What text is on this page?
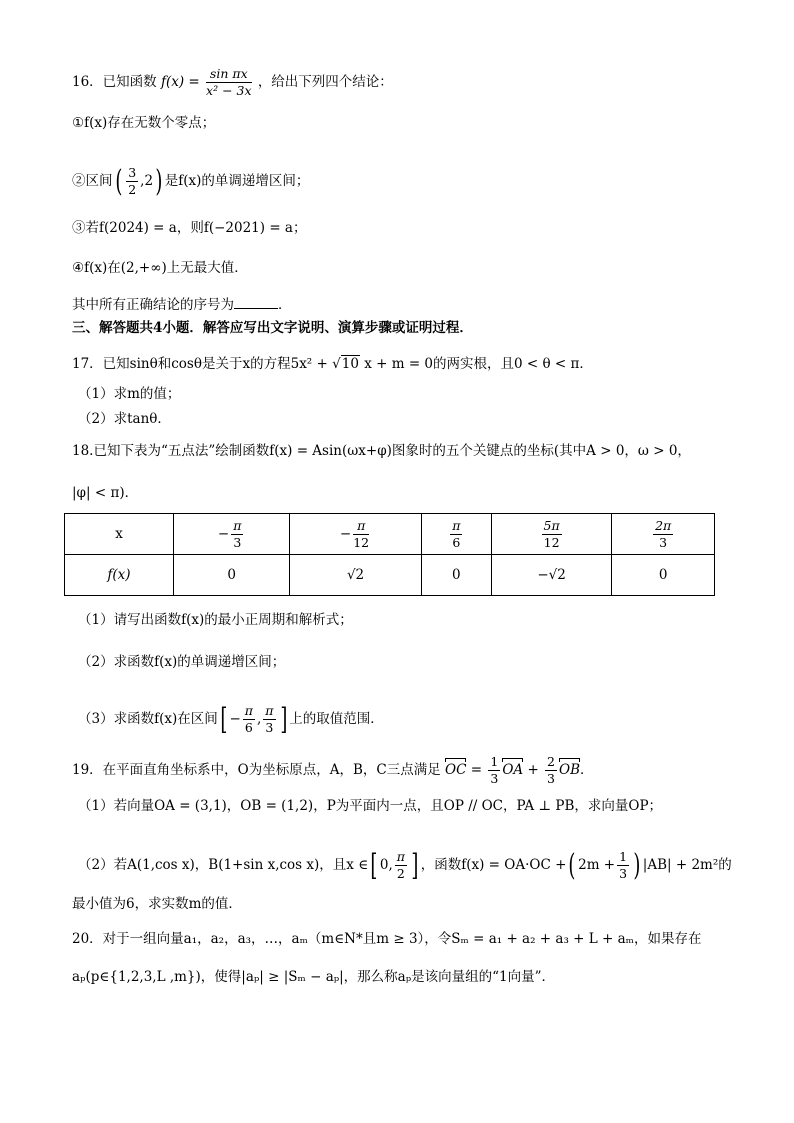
16．已知函数 $f(x) = \frac{\text{sin πx}}{\text{x² − 3x}}$ ，给出下列四个结论：
①f(x)存在无数个零点；
②区间( $\frac{3}{2} ,2$) 是f(x)的单调递增区间；
③若f(2024) = a，则f(−2021) = a；
④f(x)在(2,+∞)上无最大值．
其中所有正确结论的序号为	．
三、解答题共4小题．解答应写出文字说明、演算步骤或证明过程．
17．已知sinθ和cosθ是关于x的方程5x² + √10 x + m = 0的两实根，且0 < θ < π．
（1）求m的值；
（2）求tanθ．
18.已知下表为“五点法”绘制函数f(x) = Asin(ωx+φ)图象时的五个关键点的坐标(其中A > 0，ω > 0，
|φ| < π)．
x	− $\frac{\pi}{3}$	− $\frac{\pi}{12}$	$\frac{\pi}{6}$	$\frac{5\pi}{12}$	$\frac{2\pi}{3}$

f(x)	0	√2	0	−√2	0
（1）请写出函数f(x)的最小正周期和解析式；
（2）求函数f(x)的单调递增区间；
（3）求函数f(x)在区间[ − $\frac{\pi}{6}$ , $\frac{\pi}{3}$ ] 上的取值范围．
19．在平面直角坐标系中，O为坐标原点，A，B，C三点满足 OC = $\frac{1}{3}$ OA + $\frac{2}{3}$ OB．
（1）若向量OA = (3,1)，OB = (1,2)，P为平面内一点，且OP // OC，PA ⊥ PB，求向量OP；
（2）若A(1,cos x)，B(1+sin x,cos x)，且x ∈[ 0, $\frac{\pi}{2}$ ] ，函数f(x) = OA·OC +( $2m + \frac{1}{3}$ ) |AB| + 2m²的
最小值为6，求实数m的值．
20．对于一组向量a₁，a₂，a₃，…，aₘ（m∈N*且m ≥ 3），令Sₘ = a₁ + a₂ + a₃ + L + aₘ，如果存在
aₚ(p∈{1,2,3,L ,m})，使得|aₚ| ≥ |Sₘ − aₚ|，那么称aₚ是该向量组的“1向量”．
